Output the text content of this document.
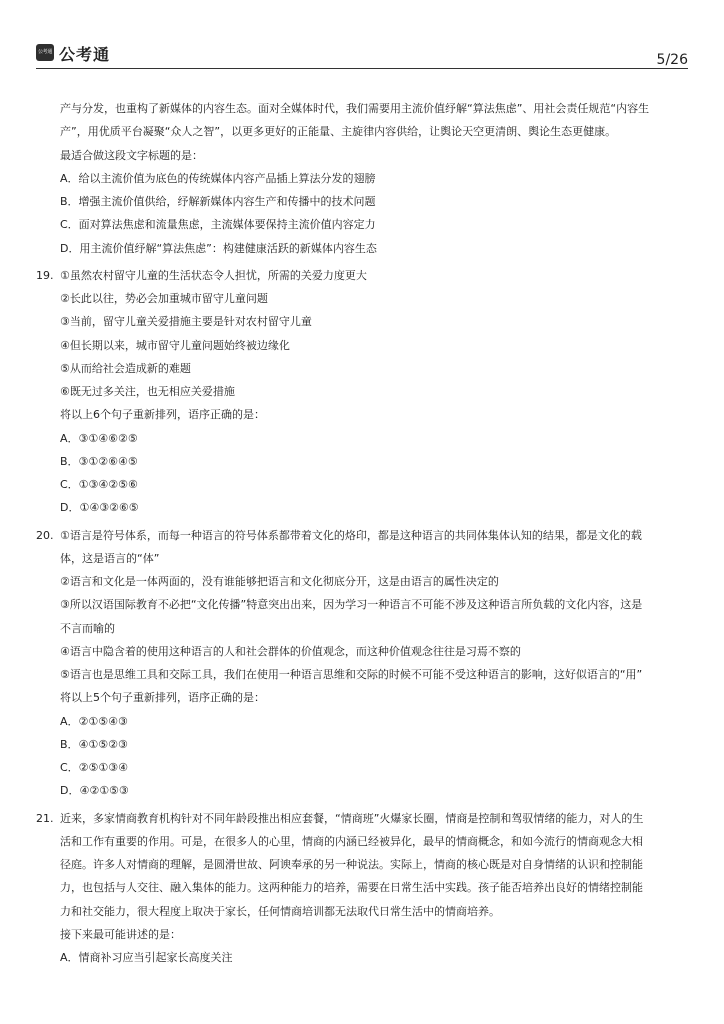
公考通 公考通	5/26
产与分发，也重构了新媒体的内容生态。面对全媒体时代，我们需要用主流价值纾解“算法焦虑”、用社会责任规范“内容生
产”，用优质平台凝聚“众人之智”，以更多更好的正能量、主旋律内容供给，让舆论天空更清朗、舆论生态更健康。
最适合做这段文字标题的是：
A．给以主流价值为底色的传统媒体内容产品插上算法分发的翅膀
B．增强主流价值供给，纾解新媒体内容生产和传播中的技术问题
C．面对算法焦虑和流量焦虑，主流媒体要保持主流价值内容定力
D．用主流价值纾解“算法焦虑”：构建健康活跃的新媒体内容生态
19. ①虽然农村留守儿童的生活状态令人担忧，所需的关爱力度更大
②长此以往，势必会加重城市留守儿童问题
③当前，留守儿童关爱措施主要是针对农村留守儿童
④但长期以来，城市留守儿童问题始终被边缘化
⑤从而给社会造成新的难题
⑥既无过多关注，也无相应关爱措施
将以上6个句子重新排列，语序正确的是：
A．③①④⑥②⑤
B．③①②⑥④⑤
C．①③④②⑤⑥
D．①④③②⑥⑤
20. ①语言是符号体系，而每一种语言的符号体系都带着文化的烙印，都是这种语言的共同体集体认知的结果，都是文化的载
体，这是语言的“体”
②语言和文化是一体两面的，没有谁能够把语言和文化彻底分开，这是由语言的属性决定的
③所以汉语国际教育不必把“文化传播”特意突出出来，因为学习一种语言不可能不涉及这种语言所负载的文化内容，这是
不言而喻的
④语言中隐含着的使用这种语言的人和社会群体的价值观念，而这种价值观念往往是习焉不察的
⑤语言也是思维工具和交际工具，我们在使用一种语言思维和交际的时候不可能不受这种语言的影响，这好似语言的“用”
将以上5个句子重新排列，语序正确的是：
A．②①⑤④③
B．④①⑤②③
C．②⑤①③④
D．④②①⑤③
21. 近来，多家情商教育机构针对不同年龄段推出相应套餐，“情商班”火爆家长圈，情商是控制和驾驭情绪的能力，对人的生
活和工作有重要的作用。可是，在很多人的心里，情商的内涵已经被异化，最早的情商概念，和如今流行的情商观念大相
径庭。许多人对情商的理解，是圆滑世故、阿谀奉承的另一种说法。实际上，情商的核心既是对自身情绪的认识和控制能
力，也包括与人交往、融入集体的能力。这两种能力的培养，需要在日常生活中实践。孩子能否培养出良好的情绪控制能
力和社交能力，很大程度上取决于家长，任何情商培训都无法取代日常生活中的情商培养。
接下来最可能讲述的是：
A．情商补习应当引起家长高度关注
